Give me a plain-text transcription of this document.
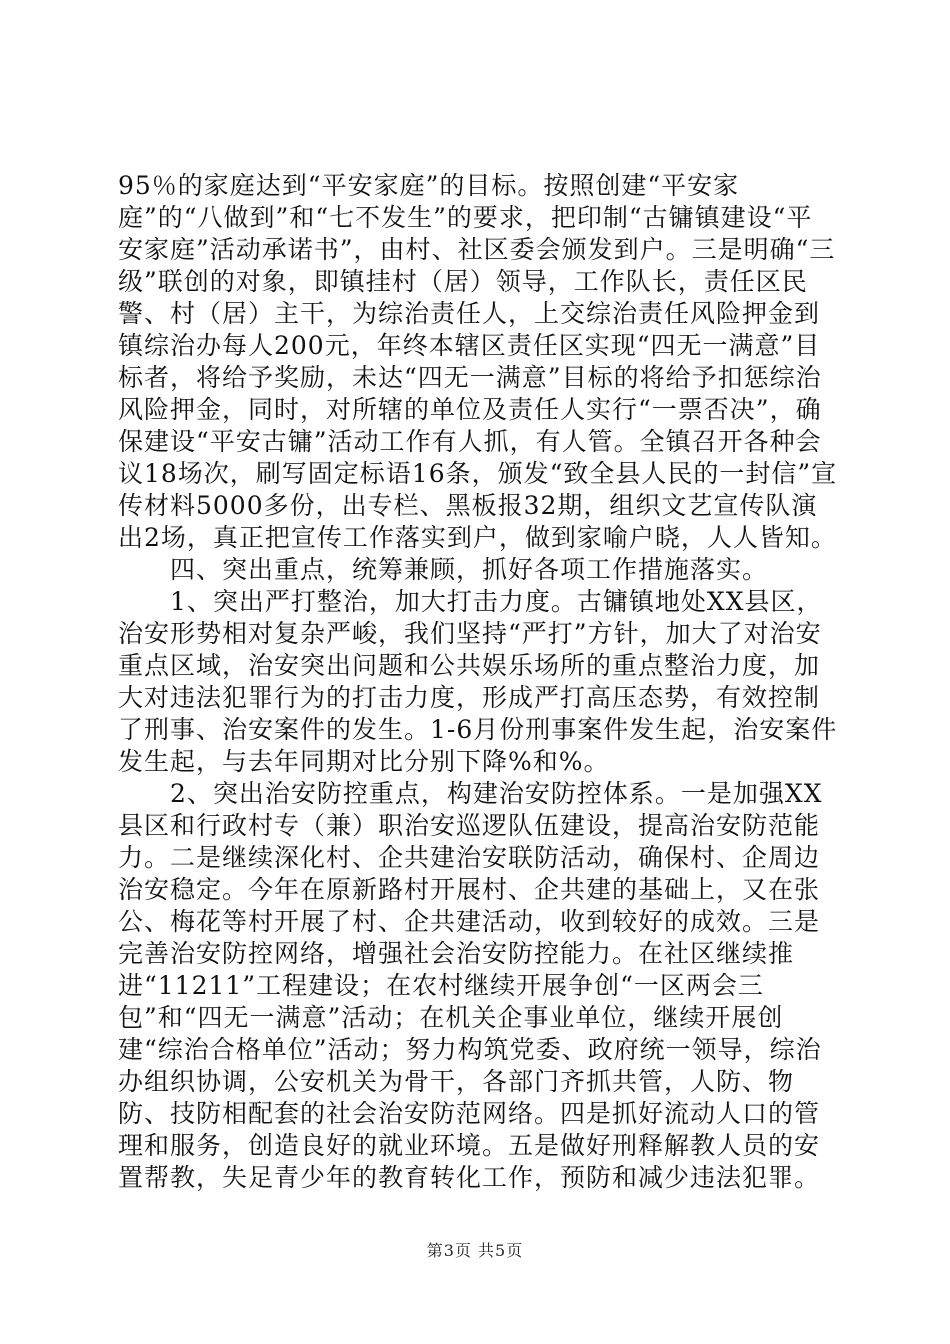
95％的家庭达到“平安家庭”的目标。按照创建“平安家庭”的“八做到”和“七不发生”的要求，把印制“古镛镇建设“平安家庭”活动承诺书”，由村、社区委会颁发到户。三是明确“三级”联创的对象，即镇挂村（居）领导，工作队长，责任区民警、村（居）主干，为综治责任人，上交综治责任风险押金到镇综治办每人200元，年终本辖区责任区实现“四无一满意”目标者，将给予奖励，未达“四无一满意”目标的将给予扣惩综治风险押金，同时，对所辖的单位及责任人实行“一票否决”，确保建设“平安古镛”活动工作有人抓，有人管。全镇召开各种会议18场次，刷写固定标语16条，颁发“致全县人民的一封信”宣传材料5000多份，出专栏、黑板报32期，组织文艺宣传队演出2场，真正把宣传工作落实到户，做到家喻户晓，人人皆知。

四、突出重点，统筹兼顾，抓好各项工作措施落实。

1、突出严打整治，加大打击力度。古镛镇地处XX县区，治安形势相对复杂严峻，我们坚持“严打”方针，加大了对治安重点区域，治安突出问题和公共娱乐场所的重点整治力度，加大对违法犯罪行为的打击力度，形成严打高压态势，有效控制了刑事、治安案件的发生。1-6月份刑事案件发生起，治安案件发生起，与去年同期对比分别下降%和%。

2、突出治安防控重点，构建治安防控体系。一是加强XX县区和行政村专（兼）职治安巡逻队伍建设，提高治安防范能力。二是继续深化村、企共建治安联防活动，确保村、企周边治安稳定。今年在原新路村开展村、企共建的基础上，又在张公、梅花等村开展了村、企共建活动，收到较好的成效。三是完善治安防控网络，增强社会治安防控能力。在社区继续推进“11211”工程建设；在农村继续开展争创“一区两会三包”和“四无一满意”活动；在机关企事业单位，继续开展创建“综治合格单位”活动；努力构筑党委、政府统一领导，综治办组织协调，公安机关为骨干，各部门齐抓共管，人防、物防、技防相配套的社会治安防范网络。四是抓好流动人口的管理和服务，创造良好的就业环境。五是做好刑释解教人员的安置帮教，失足青少年的教育转化工作，预防和减少违法犯罪。

第3页 共5页
